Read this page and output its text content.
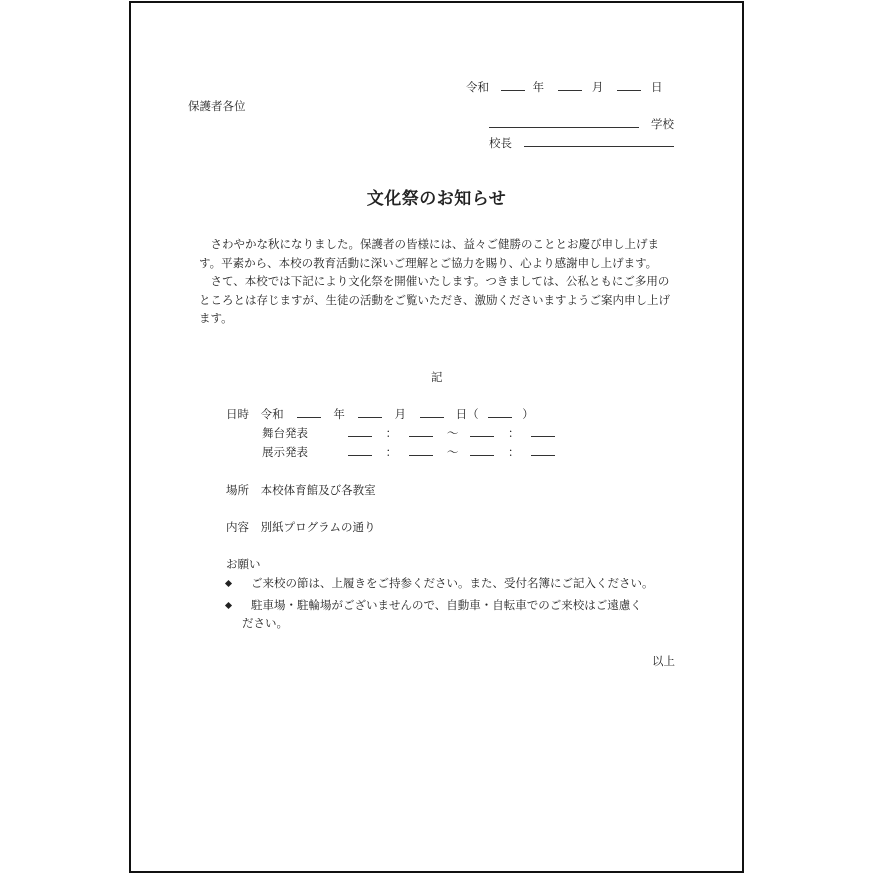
令和	年	月	日
保護者各位
学校
校長
文化祭のお知らせ

さわやかな秋になりました。保護者の皆様には、益々ご健勝のこととお慶び申し上げます。平素から、本校の教育活動に深いご理解とご協力を賜り、心より感謝申し上げます。

さて、本校では下記により文化祭を開催いたします。つきましては、公私ともにご多用のところとは存じますが、生徒の活動をご覧いただき、激励くださいますようご案内申し上げます。

記
日時 令和	年	月	日（	）
舞台発表	：	〜	：
展示発表	：	〜	：
場所 本校体育館及び各教室
内容 別紙プログラムの通り
お願い
ご来校の節は、上履きをご持参ください。また、受付名簿にご記入ください。
駐車場・駐輪場がございませんので、自動車・自転車でのご来校はご遠慮く
ださい。
以上
